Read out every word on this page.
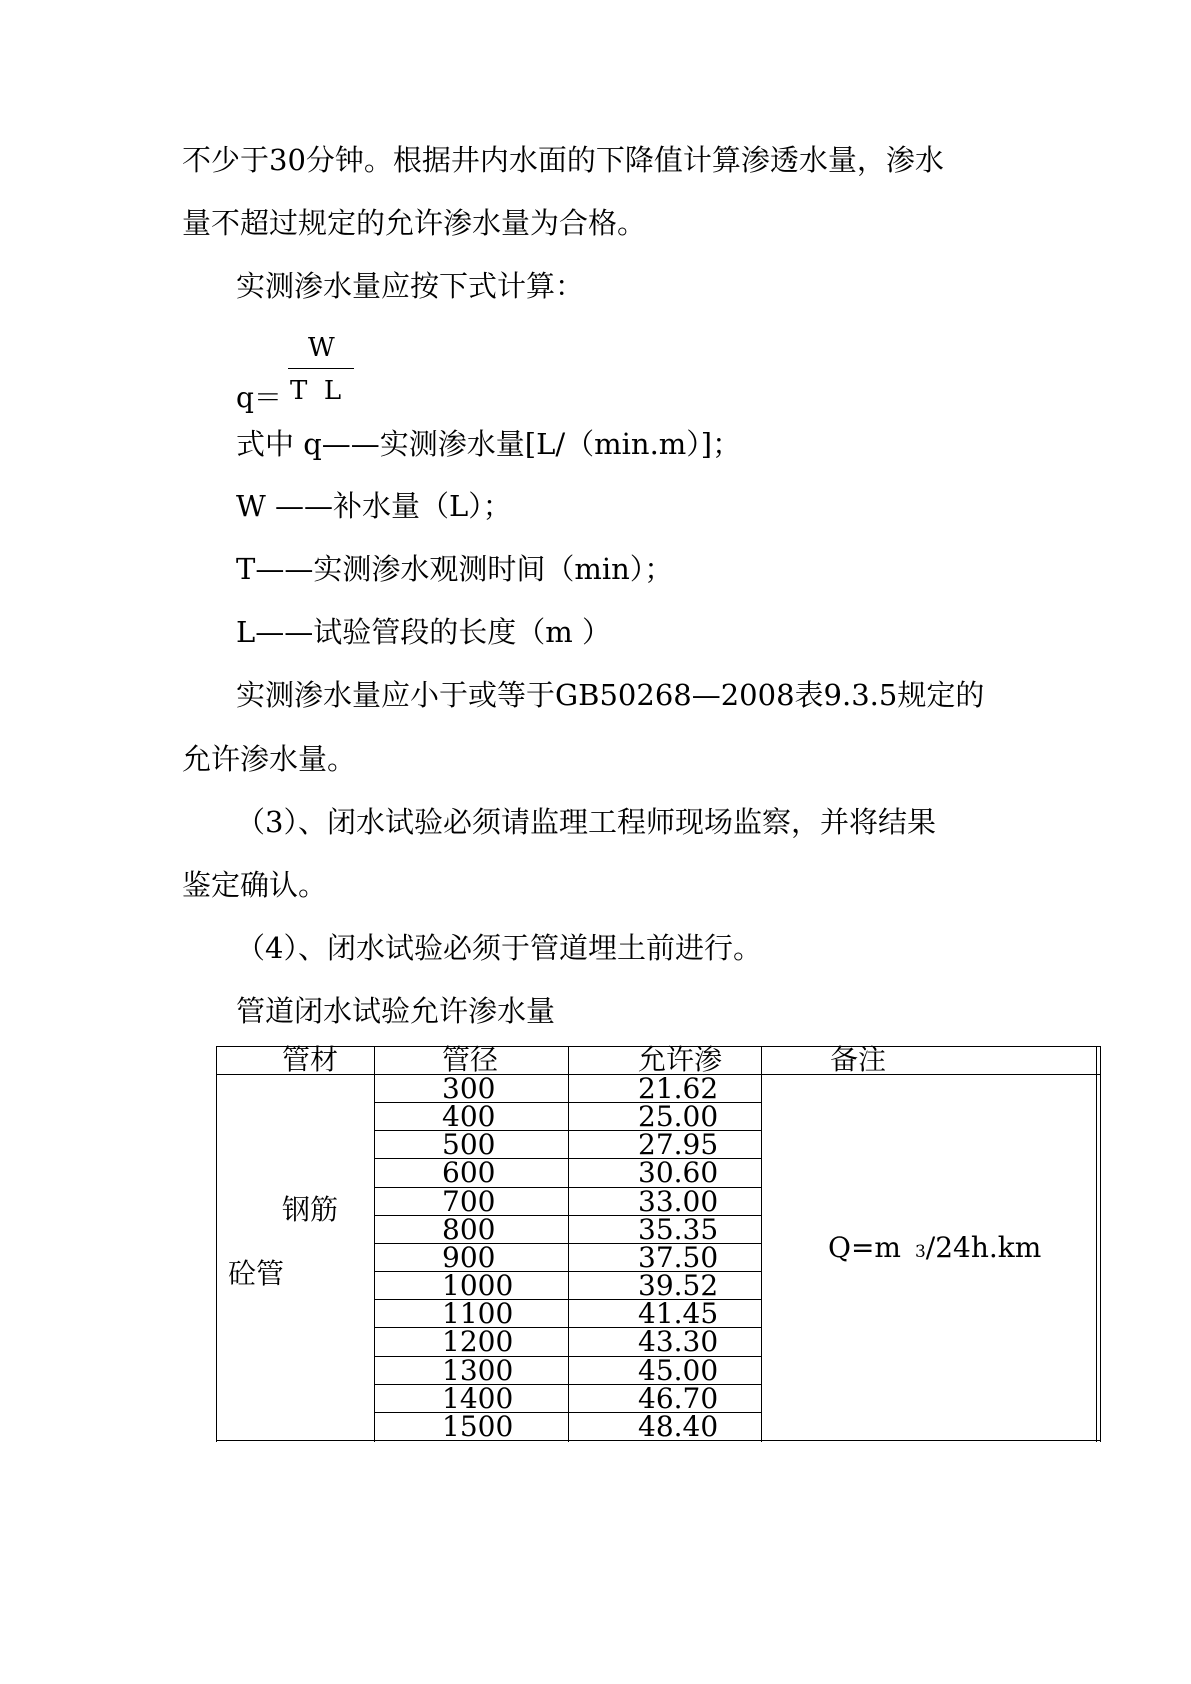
不少于30分钟。根据井内水面的下降值计算渗透水量，渗水
量不超过规定的允许渗水量为合格。
实测渗水量应按下式计算：
W
q＝ T  L
式中 q——实测渗水量[L/（min.m）]；
W ——补水量（L）；
T——实测渗水观测时间（min）；
L——试验管段的长度（m ）
实测渗水量应小于或等于GB50268—2008表9.3.5规定的
允许渗水量。
（3）、闭水试验必须请监理工程师现场监察，并将结果
鉴定确认。
（4）、闭水试验必须于管道埋土前进行。
管道闭水试验允许渗水量
管材	管径	允许渗	备注
钢筋
砼管
Q=m 3/24h.km
300	21.62
400	25.00
500	27.95
600	30.60
700	33.00
800	35.35
900	37.50
1000	39.52
1100	41.45
1200	43.30
1300	45.00
1400	46.70
1500	48.40
